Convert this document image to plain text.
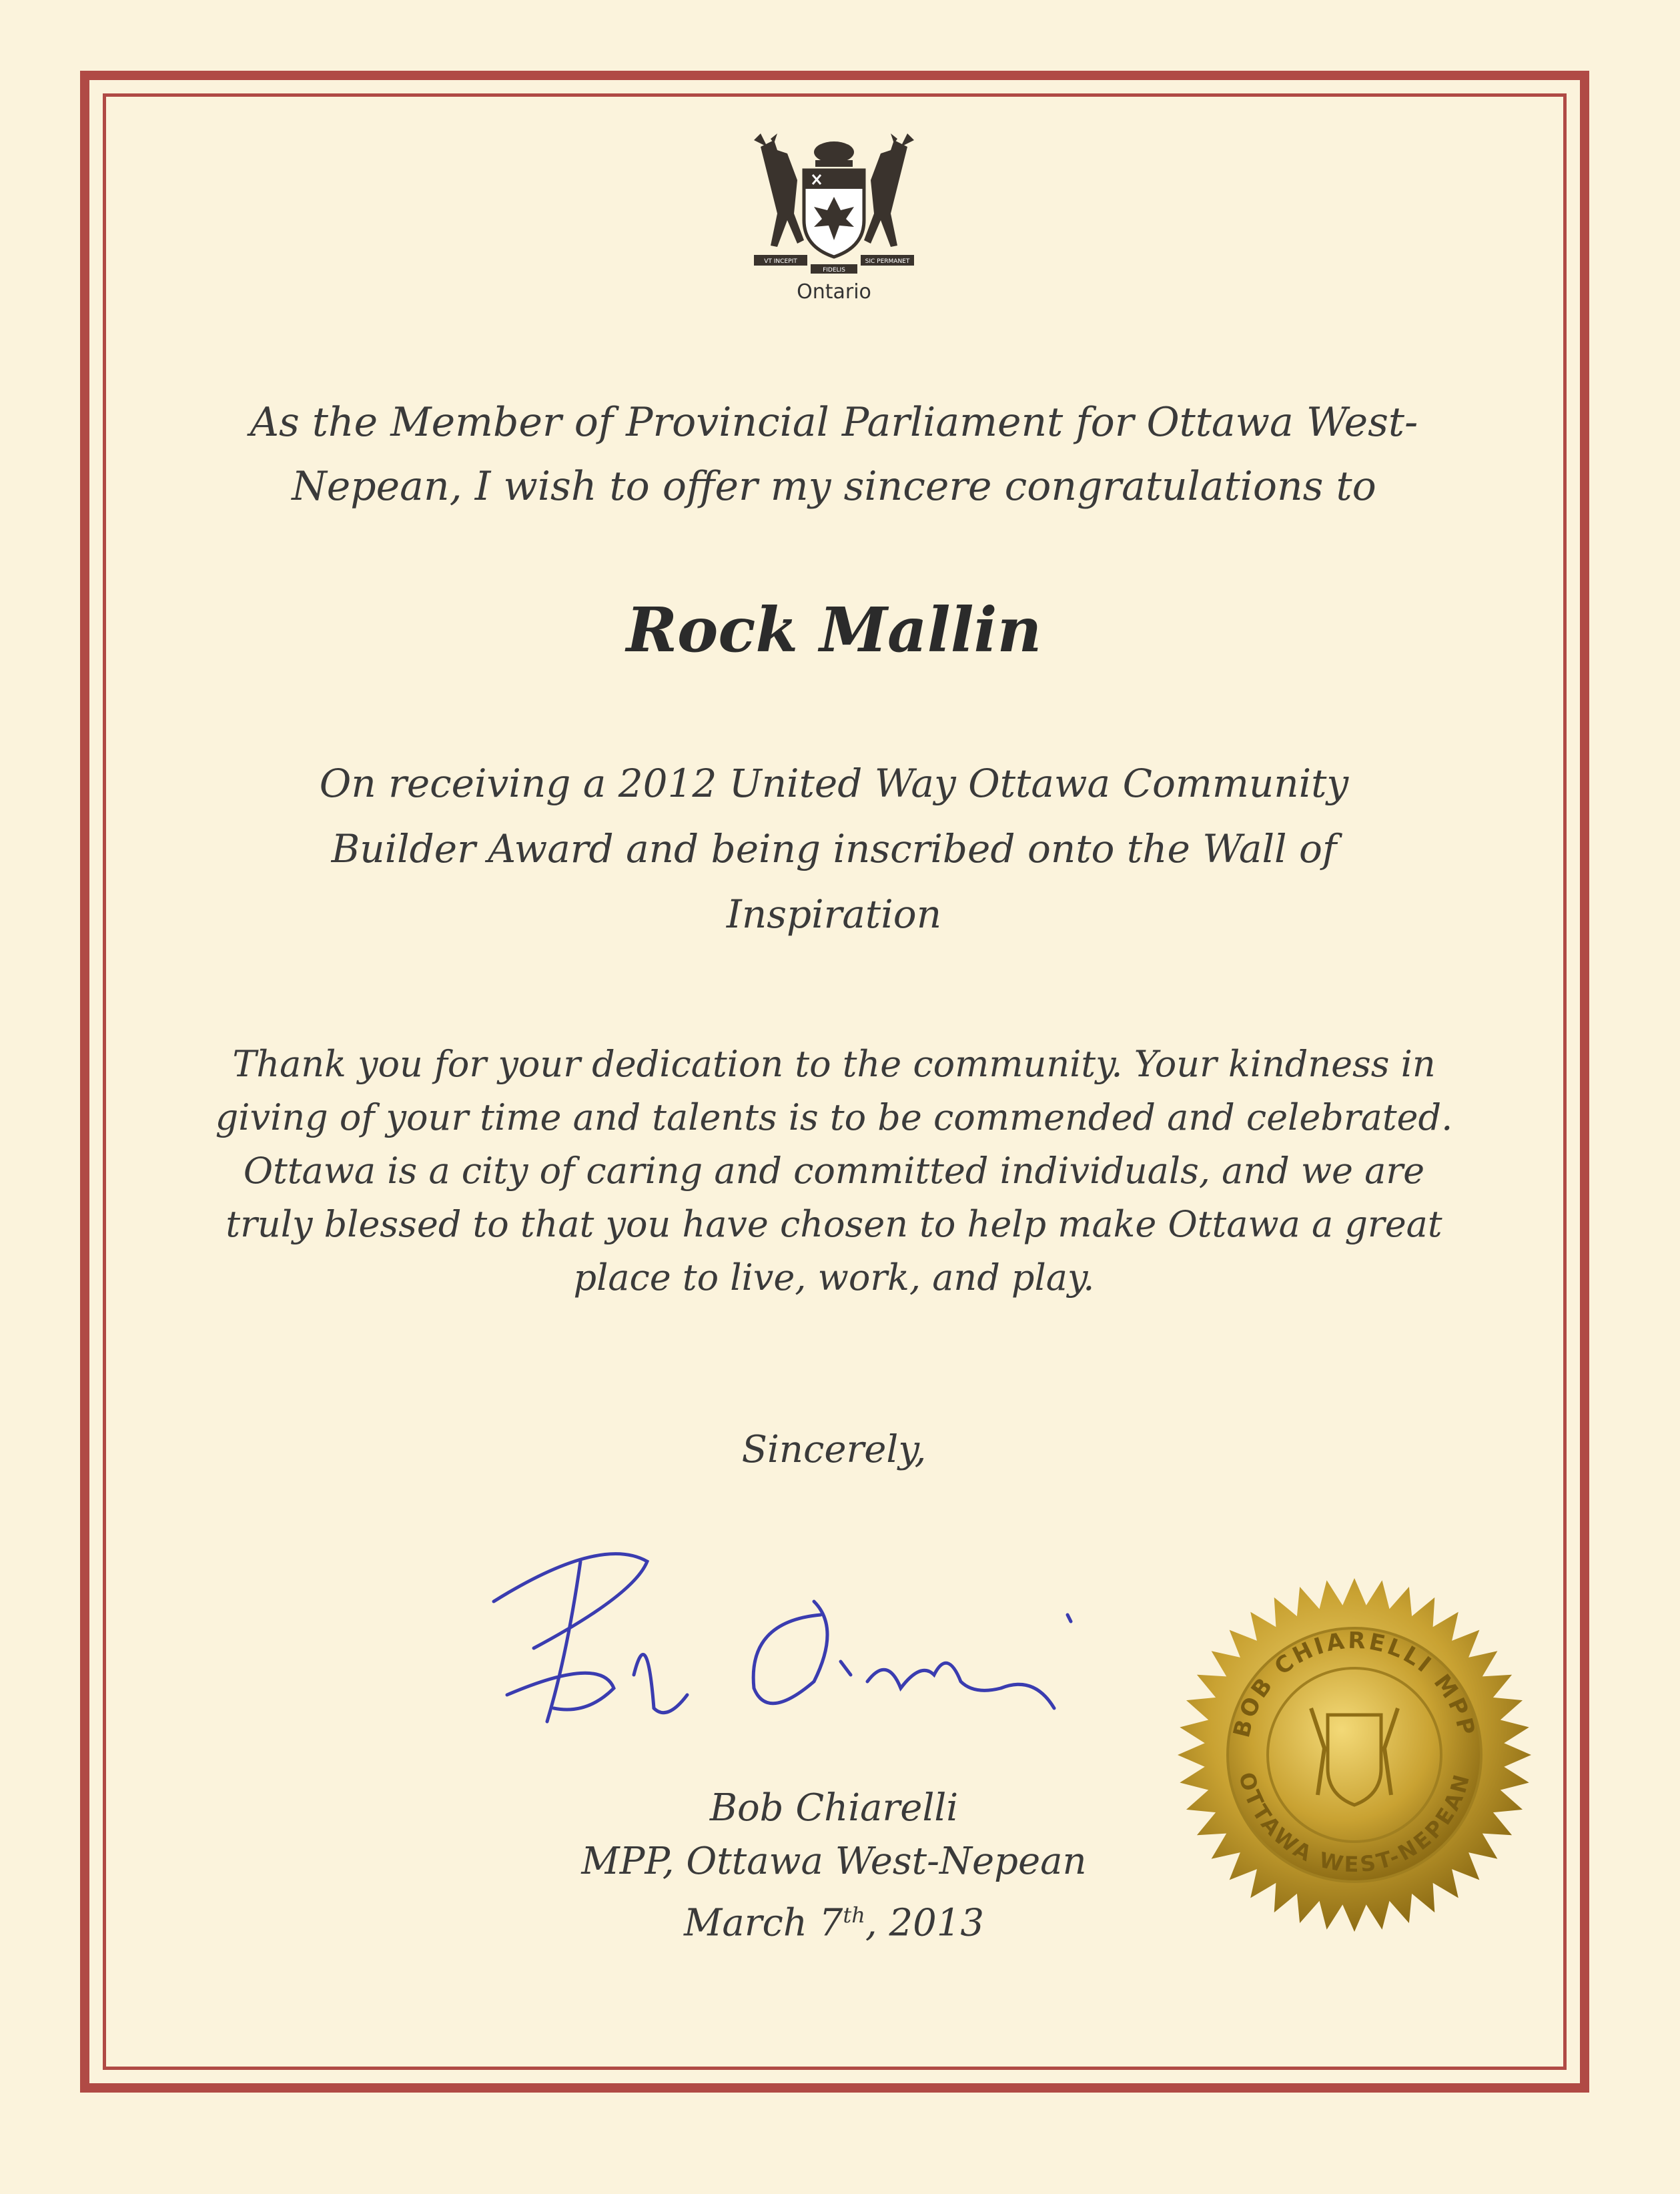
VT INCEPIT	SIC PERMANET
FIDELIS
Ontario
As the Member of Provincial Parliament for Ottawa West-
Nepean, I wish to offer my sincere congratulations to
Rock Mallin
On receiving a 2012 United Way Ottawa Community
Builder Award and being inscribed onto the Wall of
Inspiration
Thank you for your dedication to the community. Your kindness in
giving of your time and talents is to be commended and celebrated.
Ottawa is a city of caring and committed individuals, and we are
truly blessed to that you have chosen to help make Ottawa a great
place to live, work, and play.
Sincerely,
Bob Chiarelli
MPP, Ottawa West-Nepean
March 7th, 2013
BOB CHIARELLI MPP
OTTAWA WEST-NEPEAN
